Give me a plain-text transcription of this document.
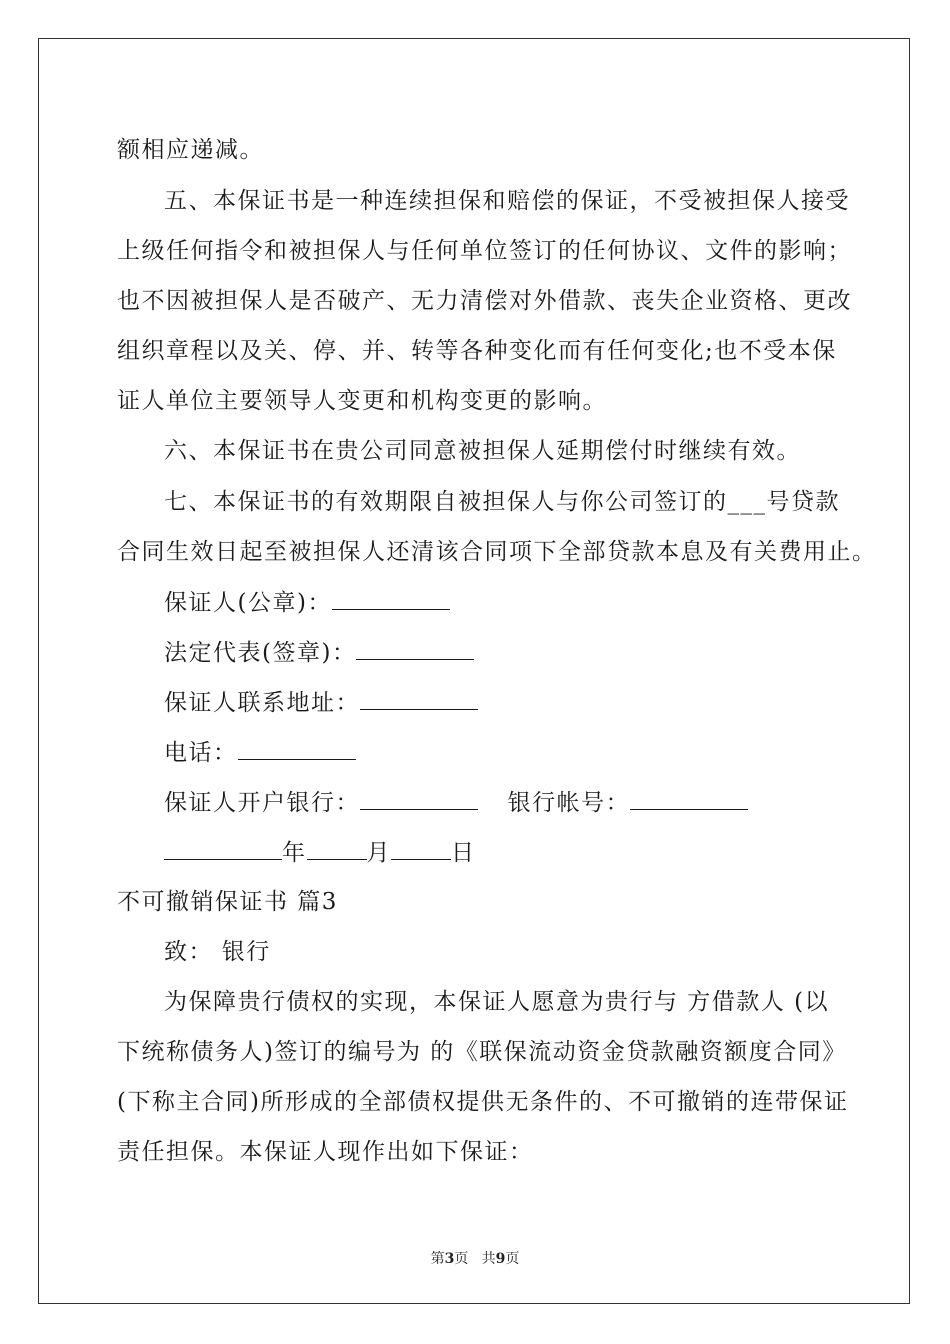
额相应递减。
五、本保证书是一种连续担保和赔偿的保证，不受被担保人接受
上级任何指令和被担保人与任何单位签订的任何协议、文件的影响；
也不因被担保人是否破产、无力清偿对外借款、丧失企业资格、更改
组织章程以及关、停、并、转等各种变化而有任何变化;也不受本保
证人单位主要领导人变更和机构变更的影响。
六、本保证书在贵公司同意被担保人延期偿付时继续有效。
七、本保证书的有效期限自被担保人与你公司签订的___号贷款
合同生效日起至被担保人还清该合同项下全部贷款本息及有关费用止。
保证人(公章)：
法定代表(签章)：
保证人联系地址：
电话：
保证人开户银行：	银行帐号：
年	月	日
不可撤销保证书 篇3
致： 银行
为保障贵行债权的实现，本保证人愿意为贵行与 方借款人 (以
下统称债务人)签订的编号为 的《联保流动资金贷款融资额度合同》
(下称主合同)所形成的全部债权提供无条件的、不可撤销的连带保证
责任担保。本保证人现作出如下保证：
第3页 共9页
